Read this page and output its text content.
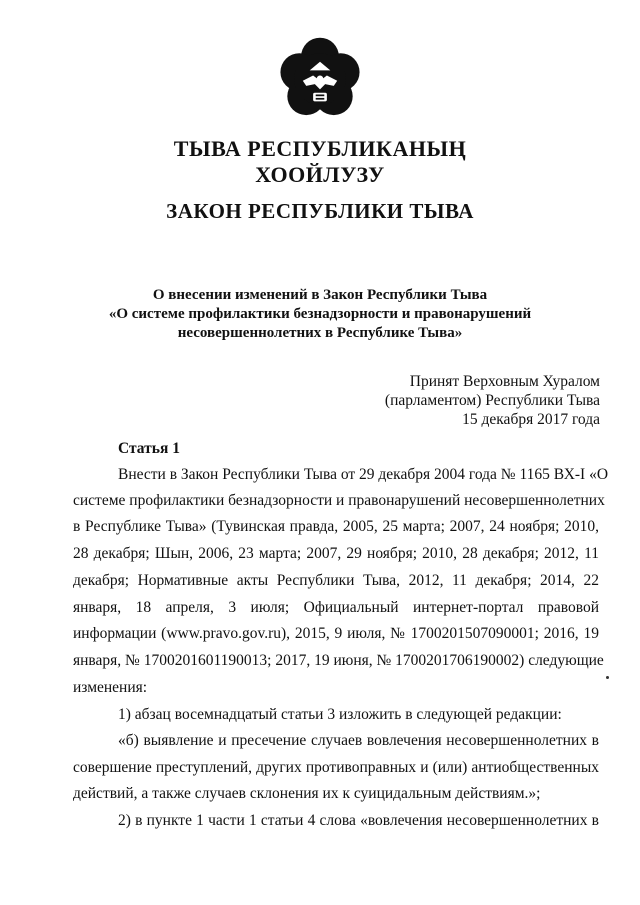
ТЫВА РЕСПУБЛИКАНЫҢ
ХООЙЛУЗУ
ЗАКОН РЕСПУБЛИКИ ТЫВА
О внесении изменений в Закон Республики Тыва
«О системе профилактики безнадзорности и правонарушений
несовершеннолетних в Республике Тыва»
Принят Верховным Хуралом
(парламентом) Республики Тыва
15 декабря 2017 года
Статья 1
Внести в Закон Республики Тыва от 29 декабря 2004 года № 1165 ВХ-I «О
системе профилактики безнадзорности и правонарушений несовершеннолетних
в Республике Тыва» (Тувинская правда, 2005, 25 марта; 2007, 24 ноября; 2010,
28 декабря; Шын, 2006, 23 марта; 2007, 29 ноября; 2010, 28 декабря; 2012, 11
декабря; Нормативные акты Республики Тыва, 2012, 11 декабря; 2014, 22
января, 18 апреля, 3 июля; Официальный интернет-портал правовой
информации (www.pravo.gov.ru), 2015, 9 июля, № 1700201507090001; 2016, 19
января, № 1700201601190013; 2017, 19 июня, № 1700201706190002) следующие
изменения:
1) абзац восемнадцатый статьи 3 изложить в следующей редакции:
«б) выявление и пресечение случаев вовлечения несовершеннолетних в
совершение преступлений, других противоправных и (или) антиобщественных
действий, а также случаев склонения их к суицидальным действиям.»;
2) в пункте 1 части 1 статьи 4 слова «вовлечения несовершеннолетних в
